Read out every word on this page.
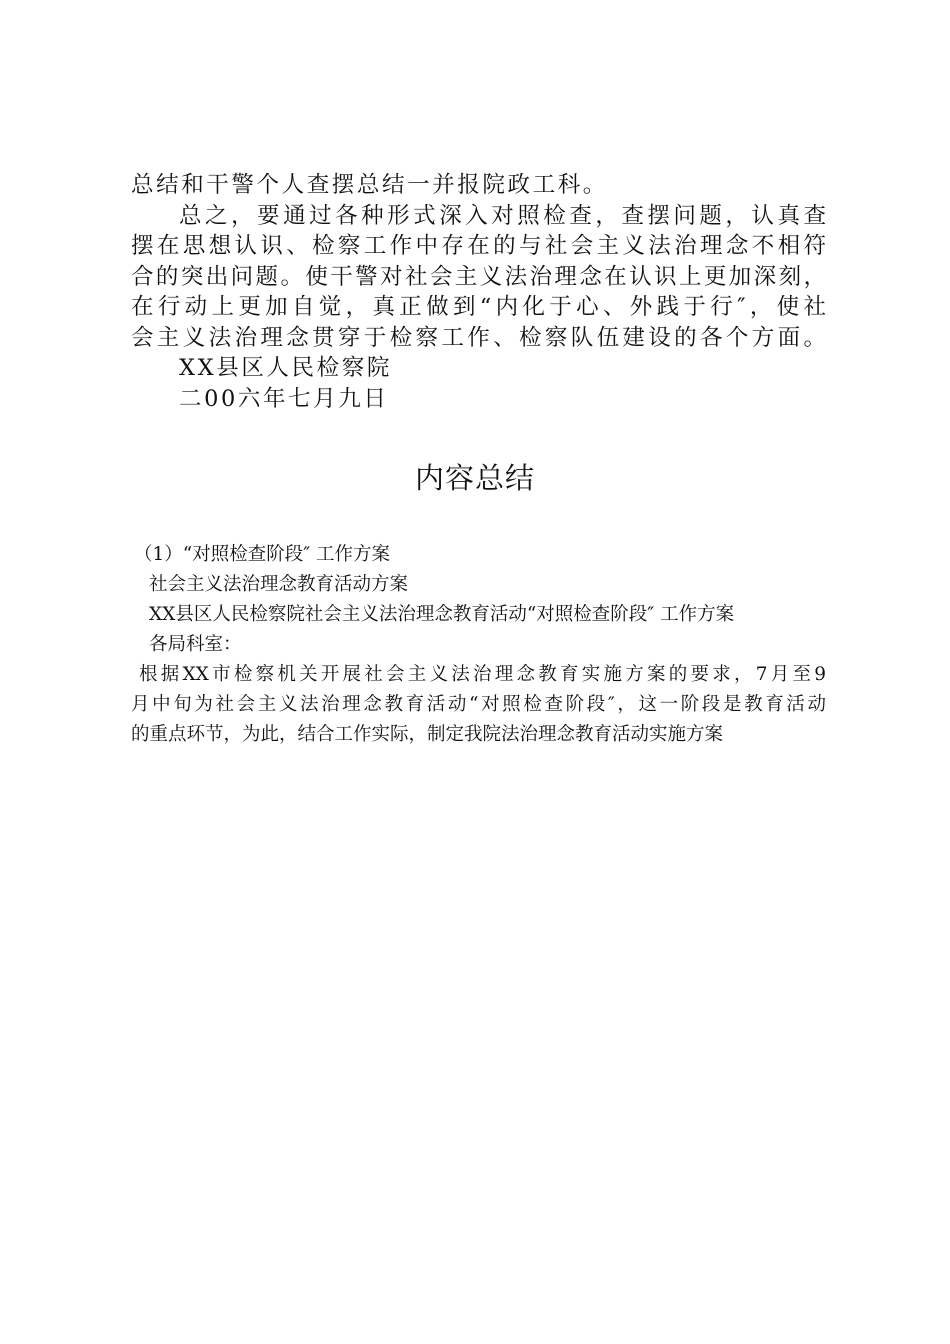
总结和干警个人查摆总结一并报院政工科。
总之，要通过各种形式深入对照检查，查摆问题，认真查
摆在思想认识、检察工作中存在的与社会主义法治理念不相符
合的突出问题。使干警对社会主义法治理念在认识上更加深刻，
在行动上更加自觉，真正做到“内化于心、外践于行″，使社
会主义法治理念贯穿于检察工作、检察队伍建设的各个方面。
XX县区人民检察院
二00六年七月九日
内容总结
（1）“对照检查阶段″ 工作方案
社会主义法治理念教育活动方案
XX县区人民检察院社会主义法治理念教育活动“对照检查阶段″ 工作方案
各局科室：
根据XX市检察机关开展社会主义法治理念教育实施方案的要求，7月至9
月中旬为社会主义法治理念教育活动“对照检查阶段″，这一阶段是教育活动
的重点环节，为此，结合工作实际，制定我院法治理念教育活动实施方案
